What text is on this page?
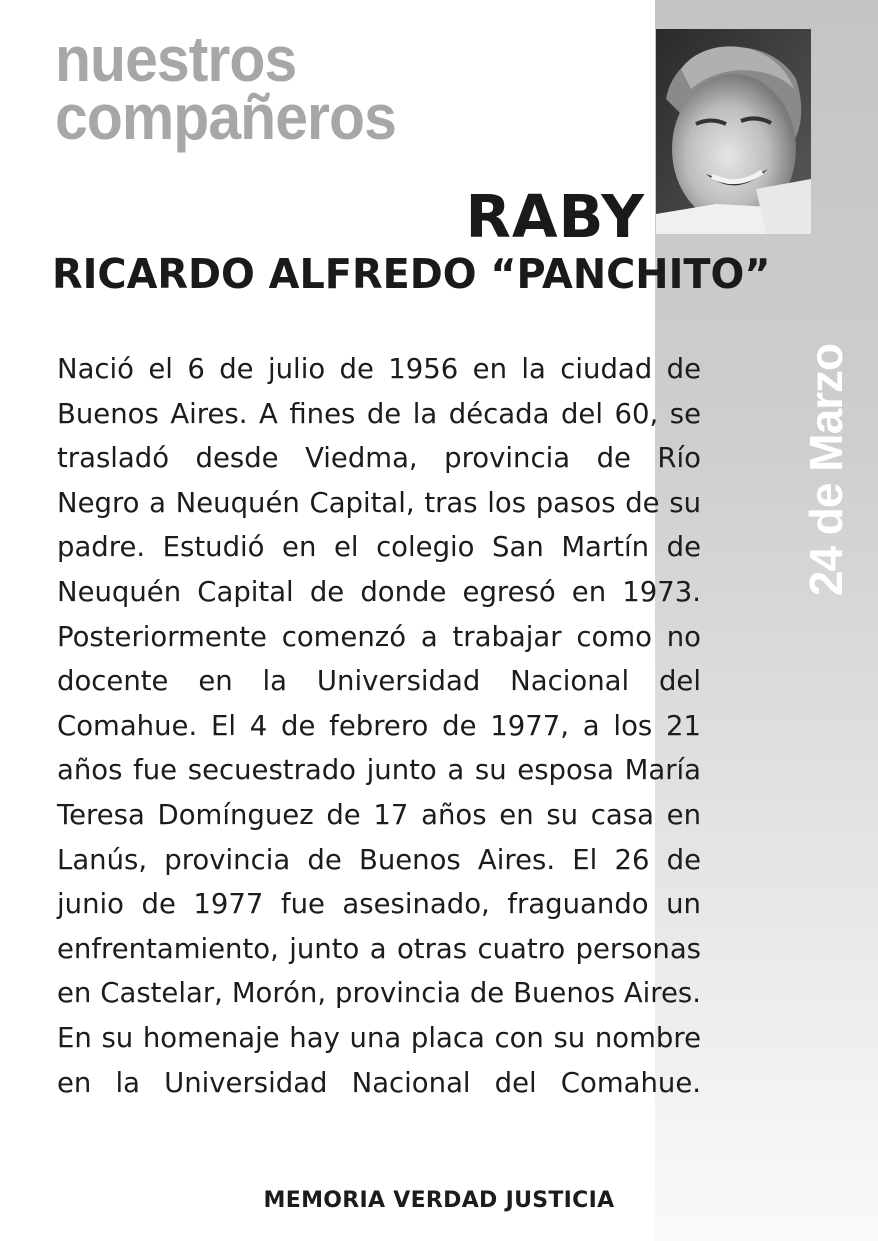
nuestros
compañeros
RABY
RICARDO ALFREDO “PANCHITO”
24 de Marzo

Nació el 6 de julio de 1956 en la ciudad de Buenos Aires. A fines de la década del 60, se trasladó desde Viedma, provincia de Río Negro a Neuquén Capital, tras los pasos de su padre. Estudió en el colegio San Martín de Neuquén Capital de donde egresó en 1973. Posteriormente comenzó a trabajar como no docente en la Universidad Nacional del Comahue. El 4 de febrero de 1977, a los 21 años fue secuestrado junto a su esposa María Teresa Domínguez de 17 años en su casa en Lanús, provincia de Buenos Aires. El 26 de junio de 1977 fue asesinado, fraguando un enfrentamiento, junto a otras cuatro personas en Castelar, Morón, provincia de Buenos Aires. En su homenaje hay una placa con su nombre en la Universidad Nacional del Comahue.

MEMORIA VERDAD JUSTICIA
